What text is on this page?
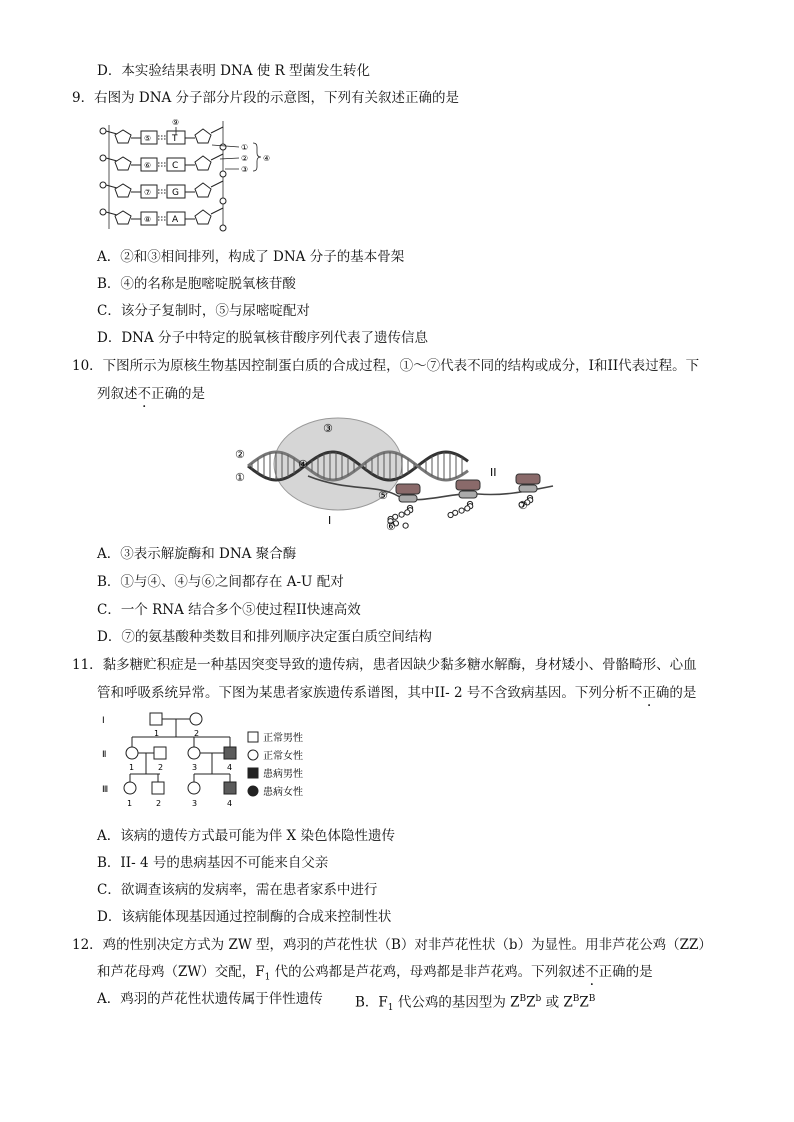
D．本实验结果表明 DNA 使 R 型菌发生转化
9．右图为 DNA 分子部分片段的示意图，下列有关叙述正确的是
⑤ T
⑥ C
⑦ G
⑧ A
⑨
①
②
③
④
A．②和③相间排列，构成了 DNA 分子的基本骨架
B．④的名称是胞嘧啶脱氧核苷酸
C．该分子复制时，⑤与尿嘧啶配对
D．DNA 分子中特定的脱氧核苷酸序列代表了遗传信息
10．下图所示为原核生物基因控制蛋白质的合成过程，①～⑦代表不同的结构或成分，I和II代表过程。下
列叙述不正确的是
②
①
③
④
⑤
⑥
⑦
I
II
A．③表示解旋酶和 DNA 聚合酶
B．①与④、④与⑥之间都存在 A-U 配对
C．一个 RNA 结合多个⑤使过程II快速高效
D．⑦的氨基酸种类数目和排列顺序决定蛋白质空间结构
11．黏多糖贮积症是一种基因突变导致的遗传病，患者因缺少黏多糖水解酶，身材矮小、骨骼畸形、心血
管和呼吸系统异常。下图为某患者家族遗传系谱图，其中II- 2 号不含致病基因。下列分析不正确的是
I
Ⅱ
Ⅲ
1	2
1	2	3	4
1	2	3	4
正常男性
正常女性
患病男性
患病女性
A．该病的遗传方式最可能为伴 X 染色体隐性遗传
B．II- 4 号的患病基因不可能来自父亲
C．欲调查该病的发病率，需在患者家系中进行
D．该病能体现基因通过控制酶的合成来控制性状
12．鸡的性别决定方式为 ZW 型，鸡羽的芦花性状（B）对非芦花性状（b）为显性。用非芦花公鸡（ZZ）
和芦花母鸡（ZW）交配，$F_1$ 代的公鸡都是芦花鸡，母鸡都是非芦花鸡。下列叙述不正确的是
A．鸡羽的芦花性状遗传属于伴性遗传 B．$F_1$ 代公鸡的基因型为 $Z^BZ^b$ 或 $Z^BZ^B$
